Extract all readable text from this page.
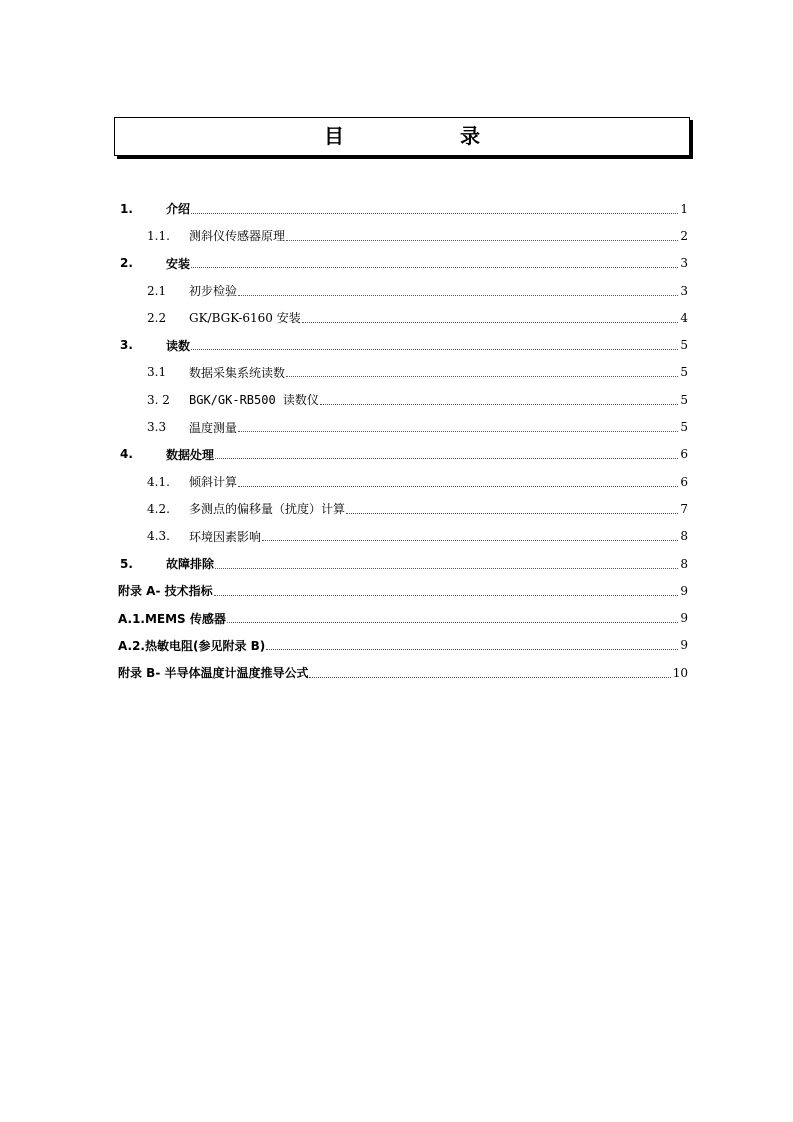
目　录
1.	介绍	1
1.1.	测斜仪传感器原理	2
2.	安装	3
2.1	初步检验	3
2.2	GK/BGK-6160 安装	4
3.	读数	5
3.1	数据采集系统读数	5
3. 2	BGK/GK-RB500 读数仪	5
3.3	温度测量	5
4.	数据处理	6
4.1.	倾斜计算	6
4.2.	多测点的偏移量（扰度）计算	7
4.3.	环境因素影响	8
5.	故障排除	8
附录 A- 技术指标	9
A.1.MEMS 传感器	9
A.2.热敏电阻(参见附录 B)	9
附录 B- 半导体温度计温度推导公式	10
